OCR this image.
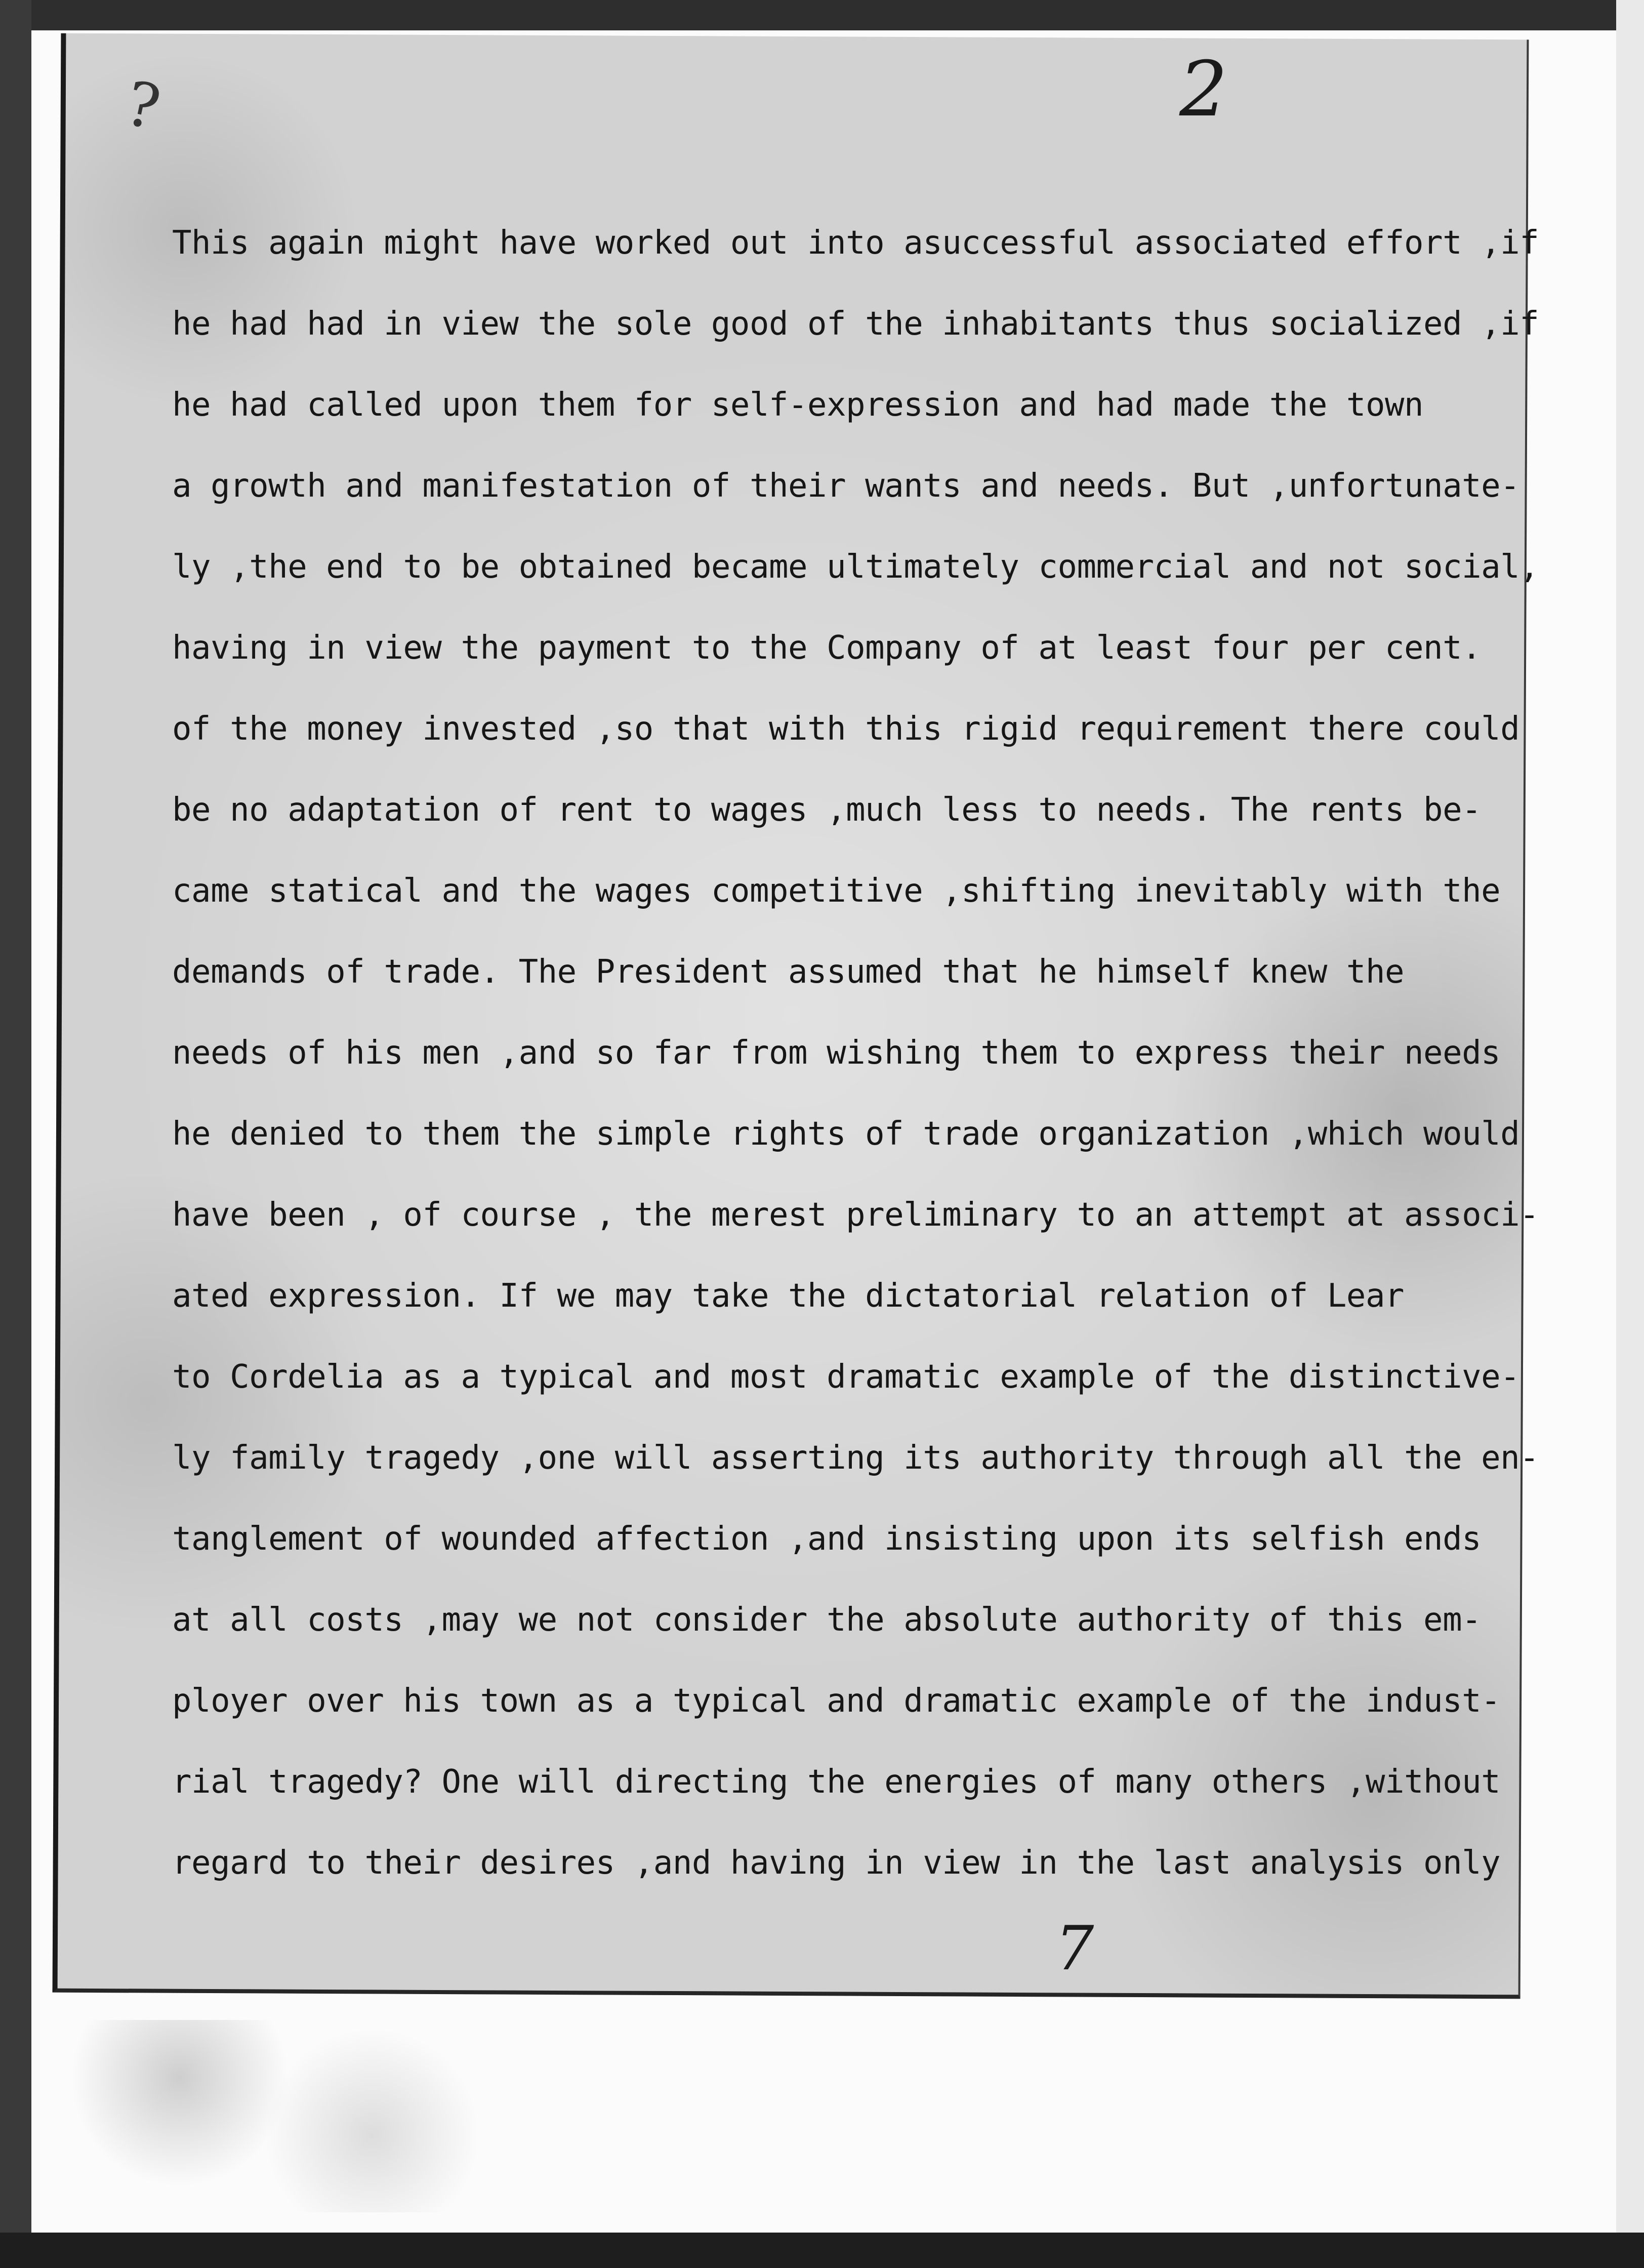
?	2
This again might have worked out into asuccessful associated effort ,if
he had had in view the sole good of the inhabitants thus socialized ,if
he had called upon them for self-expression and had made the town
a growth and manifestation of their wants and needs. But ,unfortunate-
ly ,the end to be obtained became ultimately commercial and not social,
having in view the payment to the Company of at least four per cent.
of the money invested ,so that with this rigid requirement there could
be no adaptation of rent to wages ,much less to needs. The rents be-
came statical and the wages competitive ,shifting inevitably with the
demands of trade. The President assumed that he himself knew the
needs of his men ,and so far from wishing them to express their needs
he denied to them the simple rights of trade organization ,which would
have been , of course , the merest preliminary to an attempt at associ-
ated expression. If we may take the dictatorial relation of Lear
to Cordelia as a typical and most dramatic example of the distinctive-
ly family tragedy ,one will asserting its authority through all the en-
tanglement of wounded affection ,and insisting upon its selfish ends
at all costs ,may we not consider the absolute authority of this em-
ployer over his town as a typical and dramatic example of the indust-
rial tragedy? One will directing the energies of many others ,without
regard to their desires ,and having in view in the last analysis only
7
